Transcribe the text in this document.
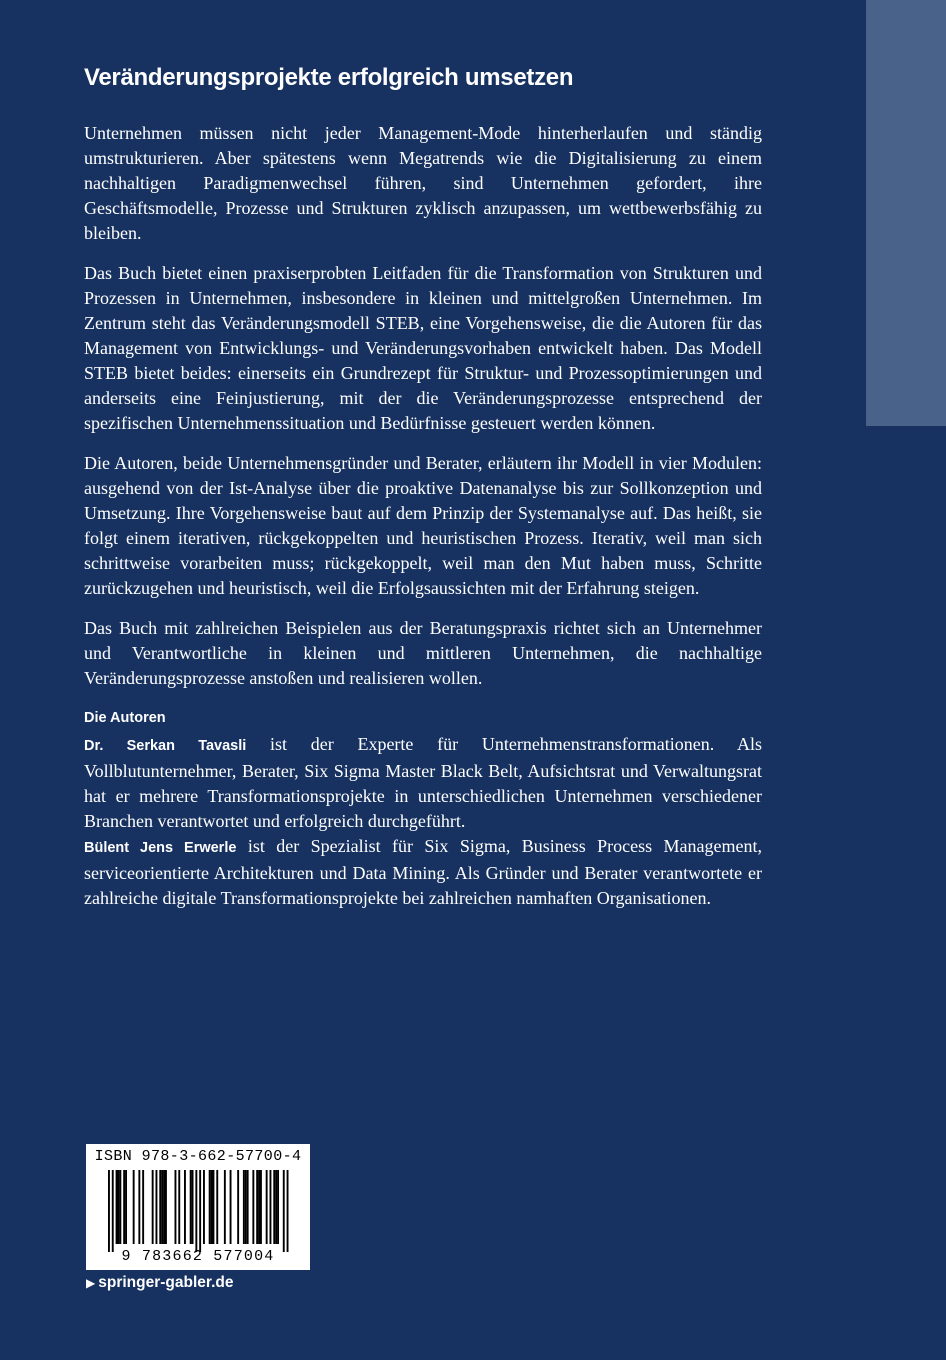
Veränderungsprojekte erfolgreich umsetzen

Unternehmen müssen nicht jeder Management-Mode hinterherlaufen und ständig umstrukturieren. Aber spätestens wenn Megatrends wie die Digitalisierung zu einem nachhaltigen Paradigmenwechsel führen, sind Unternehmen gefordert, ihre Geschäftsmodelle, Prozesse und Strukturen zyklisch anzupassen, um wettbewerbsfähig zu bleiben.

Das Buch bietet einen praxiserprobten Leitfaden für die Transformation von Strukturen und Prozessen in Unternehmen, insbesondere in kleinen und mittelgroßen Unternehmen. Im Zentrum steht das Veränderungsmodell STEB, eine Vorgehensweise, die die Autoren für das Management von Entwicklungs- und Veränderungsvorhaben entwickelt haben. Das Modell STEB bietet beides: einerseits ein Grundrezept für Struktur- und Prozessoptimierungen und anderseits eine Feinjustierung, mit der die Veränderungsprozesse entsprechend der spezifischen Unternehmenssituation und Bedürfnisse gesteuert werden können.

Die Autoren, beide Unternehmensgründer und Berater, erläutern ihr Modell in vier Modulen: ausgehend von der Ist-Analyse über die proaktive Datenanalyse bis zur Sollkonzeption und Umsetzung. Ihre Vorgehensweise baut auf dem Prinzip der Systemanalyse auf. Das heißt, sie folgt einem iterativen, rückgekoppelten und heuristischen Prozess. Iterativ, weil man sich schrittweise vorarbeiten muss; rückgekoppelt, weil man den Mut haben muss, Schritte zurückzugehen und heuristisch, weil die Erfolgsaussichten mit der Erfahrung steigen.

Das Buch mit zahlreichen Beispielen aus der Beratungspraxis richtet sich an Unternehmer und Verantwortliche in kleinen und mittleren Unternehmen, die nachhaltige Veränderungsprozesse anstoßen und realisieren wollen.

Die Autoren

Dr. Serkan Tavasli ist der Experte für Unternehmenstransformationen. Als Vollblutunternehmer, Berater, Six Sigma Master Black Belt, Aufsichtsrat und Verwaltungsrat hat er mehrere Transformationsprojekte in unterschiedlichen Unternehmen verschiedener Branchen verantwortet und erfolgreich durchgeführt.

Bülent Jens Erwerle ist der Spezialist für Six Sigma, Business Process Management, serviceorientierte Architekturen und Data Mining. Als Gründer und Berater verantwortete er zahlreiche digitale Transformationsprojekte bei zahlreichen namhaften Organisationen.

ISBN 978-3-662-57700-4
9 783662 577004
▶ springer-gabler.de
